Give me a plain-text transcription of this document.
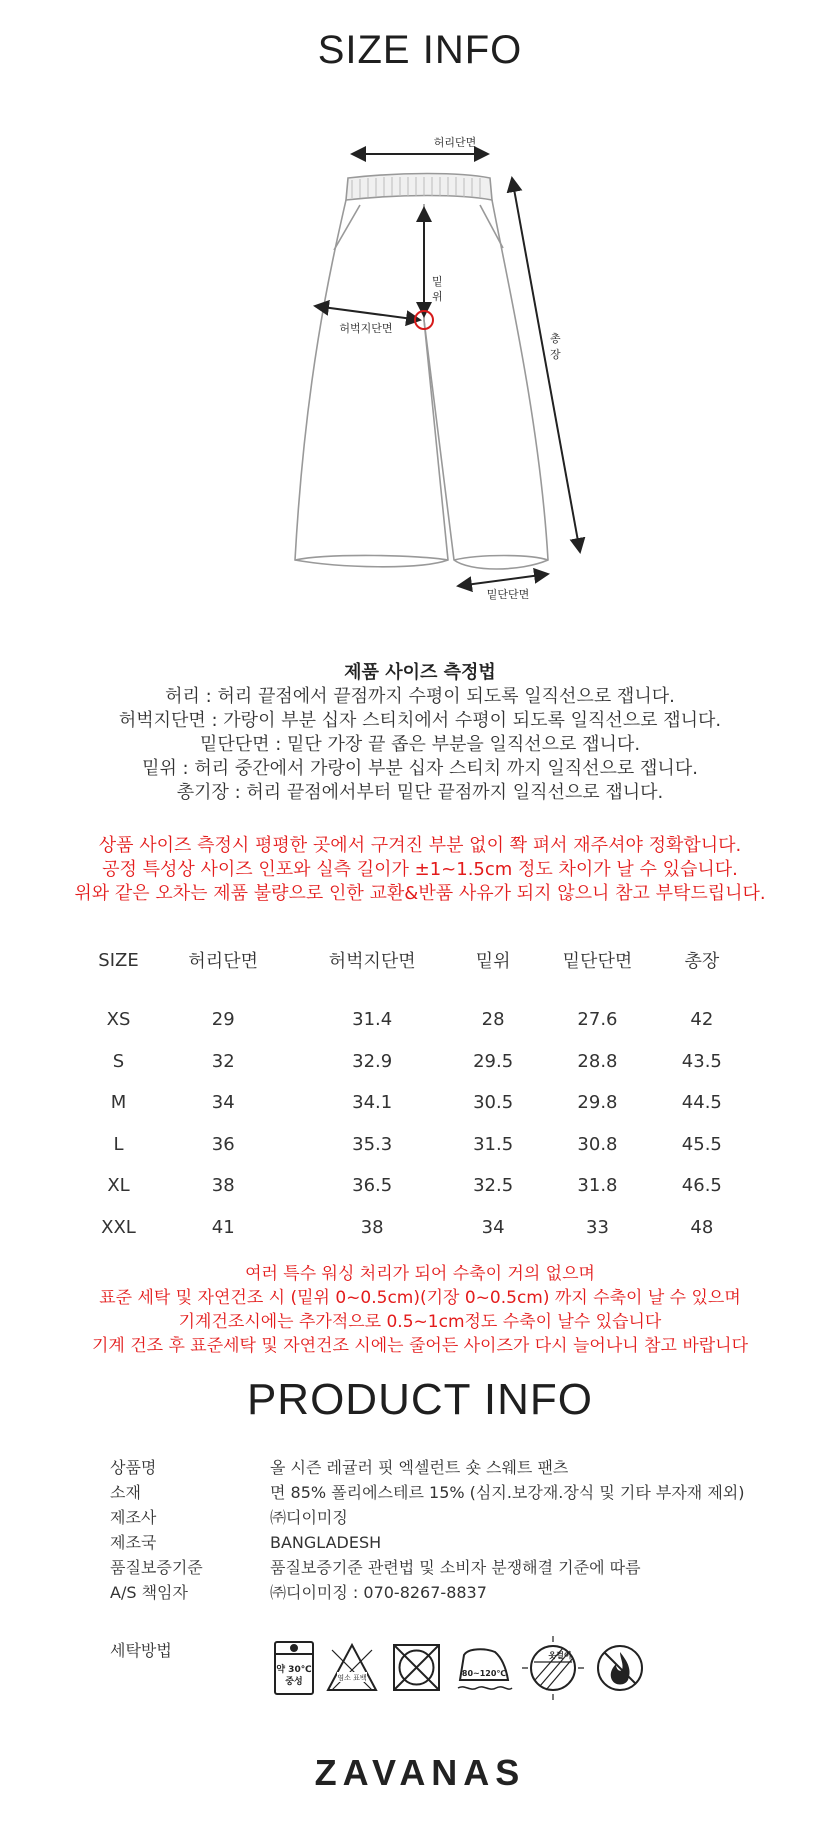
SIZE INFO
허리단면
밑
위
허벅지단면
총
장
밑단단면
제품 사이즈 측정법
허리 : 허리 끝점에서 끝점까지 수평이 되도록 일직선으로 잽니다.
허벅지단면 : 가랑이 부분 십자 스티치에서 수평이 되도록 일직선으로 잽니다.
밑단단면 : 밑단 가장 끝 좁은 부분을 일직선으로 잽니다.
밑위 : 허리 중간에서 가랑이 부분 십자 스티치 까지 일직선으로 잽니다.
총기장 : 허리 끝점에서부터 밑단 끝점까지 일직선으로 잽니다.
상품 사이즈 측정시 평평한 곳에서 구겨진 부분 없이 쫙 펴서 재주셔야 정확합니다.
공정 특성상 사이즈 인포와 실측 길이가 ±1~1.5cm 정도 차이가 날 수 있습니다.
위와 같은 오차는 제품 불량으로 인한 교환&반품 사유가 되지 않으니 참고 부탁드립니다.
SIZE	허리단면	허벅지단면	밑위	밑단단면	총장
XS	29	31.4	28	27.6	42
S	32	32.9	29.5	28.8	43.5
M	34	34.1	30.5	29.8	44.5
L	36	35.3	31.5	30.8	45.5
XL	38	36.5	32.5	31.8	46.5
XXL	41	38	34	33	48
여러 특수 워싱 처리가 되어 수축이 거의 없으며
표준 세탁 및 자연건조 시 (밑위 0~0.5cm)(기장 0~0.5cm) 까지 수축이 날 수 있으며
기계건조시에는 추가적으로 0.5~1cm정도 수축이 날수 있습니다
기계 건조 후 표준세탁 및 자연건조 시에는 줄어든 사이즈가 다시 늘어나니 참고 바랍니다
PRODUCT INFO
상품명	올 시즌 레귤러 핏 엑셀런트 숏 스웨트 팬츠
소재	면 85% 폴리에스테르 15% (심지.보강재.장식 및 기타 부자재 제외)
제조사	㈜디이미징
제조국	BANGLADESH
품질보증기준	품질보증기준 관련법 및 소비자 분쟁해결 기준에 따름
A/S 책임자	㈜디이미징 : 070-8267-8837
세탁방법
약 30℃
중성	염소 표백	80~120℃
옷걸이
ZAVANAS
